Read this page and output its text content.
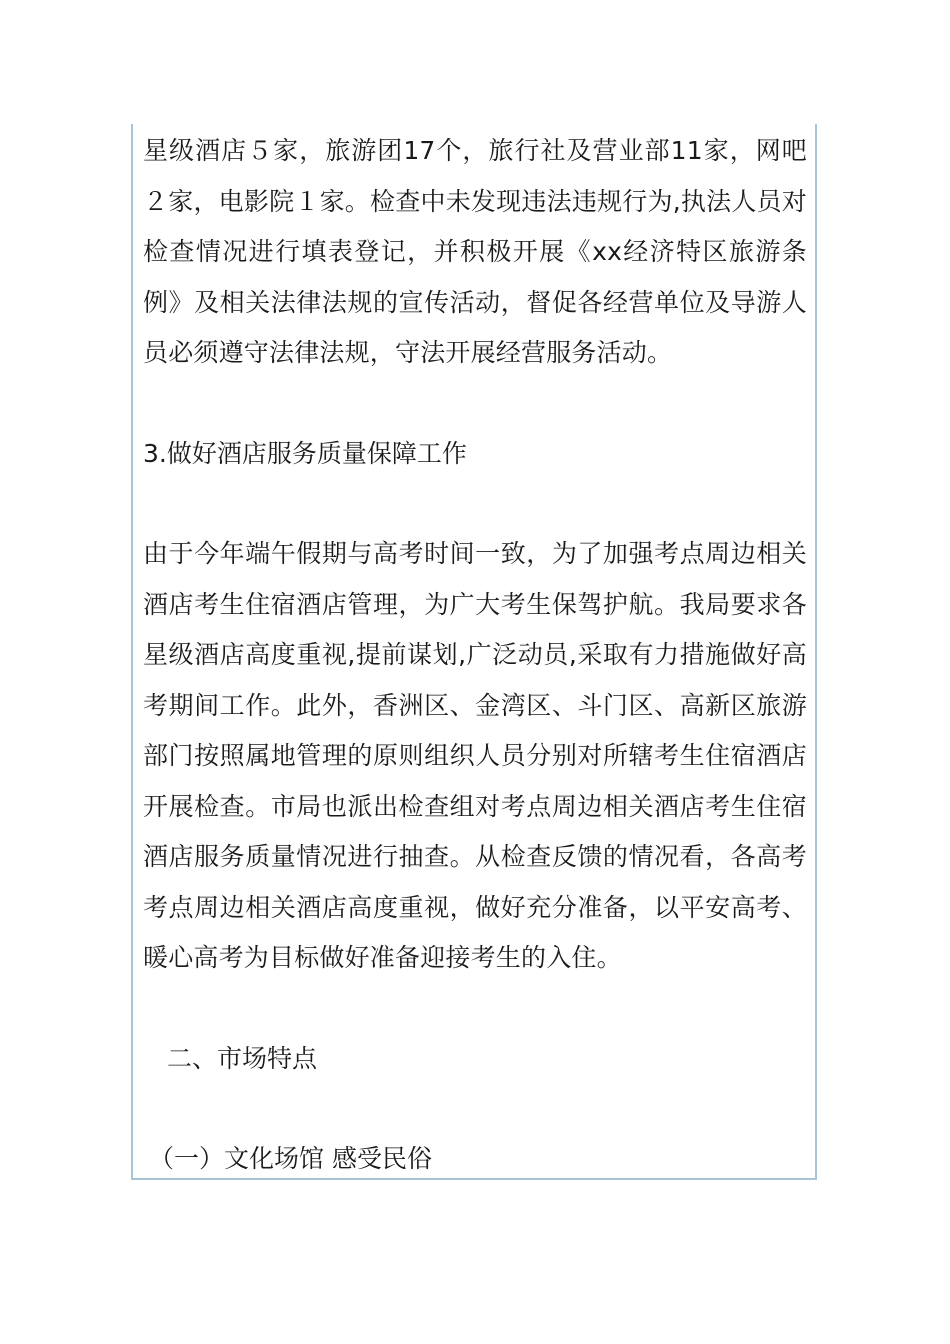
星级酒店５家，旅游团17个，旅行社及营业部11家，网吧２家，电影院１家。检查中未发现违法违规行为,执法人员对检查情况进行填表登记，并积极开展《xx经济特区旅游条例》及相关法律法规的宣传活动，督促各经营单位及导游人员必须遵守法律法规，守法开展经营服务活动。

3.做好酒店服务质量保障工作

由于今年端午假期与高考时间一致，为了加强考点周边相关酒店考生住宿酒店管理，为广大考生保驾护航。我局要求各星级酒店高度重视,提前谋划,广泛动员,采取有力措施做好高考期间工作。此外，香洲区、金湾区、斗门区、高新区旅游部门按照属地管理的原则组织人员分别对所辖考生住宿酒店开展检查。市局也派出检查组对考点周边相关酒店考生住宿酒店服务质量情况进行抽查。从检查反馈的情况看，各高考考点周边相关酒店高度重视，做好充分准备，以平安高考、暖心高考为目标做好准备迎接考生的入住。

二、市场特点

（一）文化场馆 感受民俗
